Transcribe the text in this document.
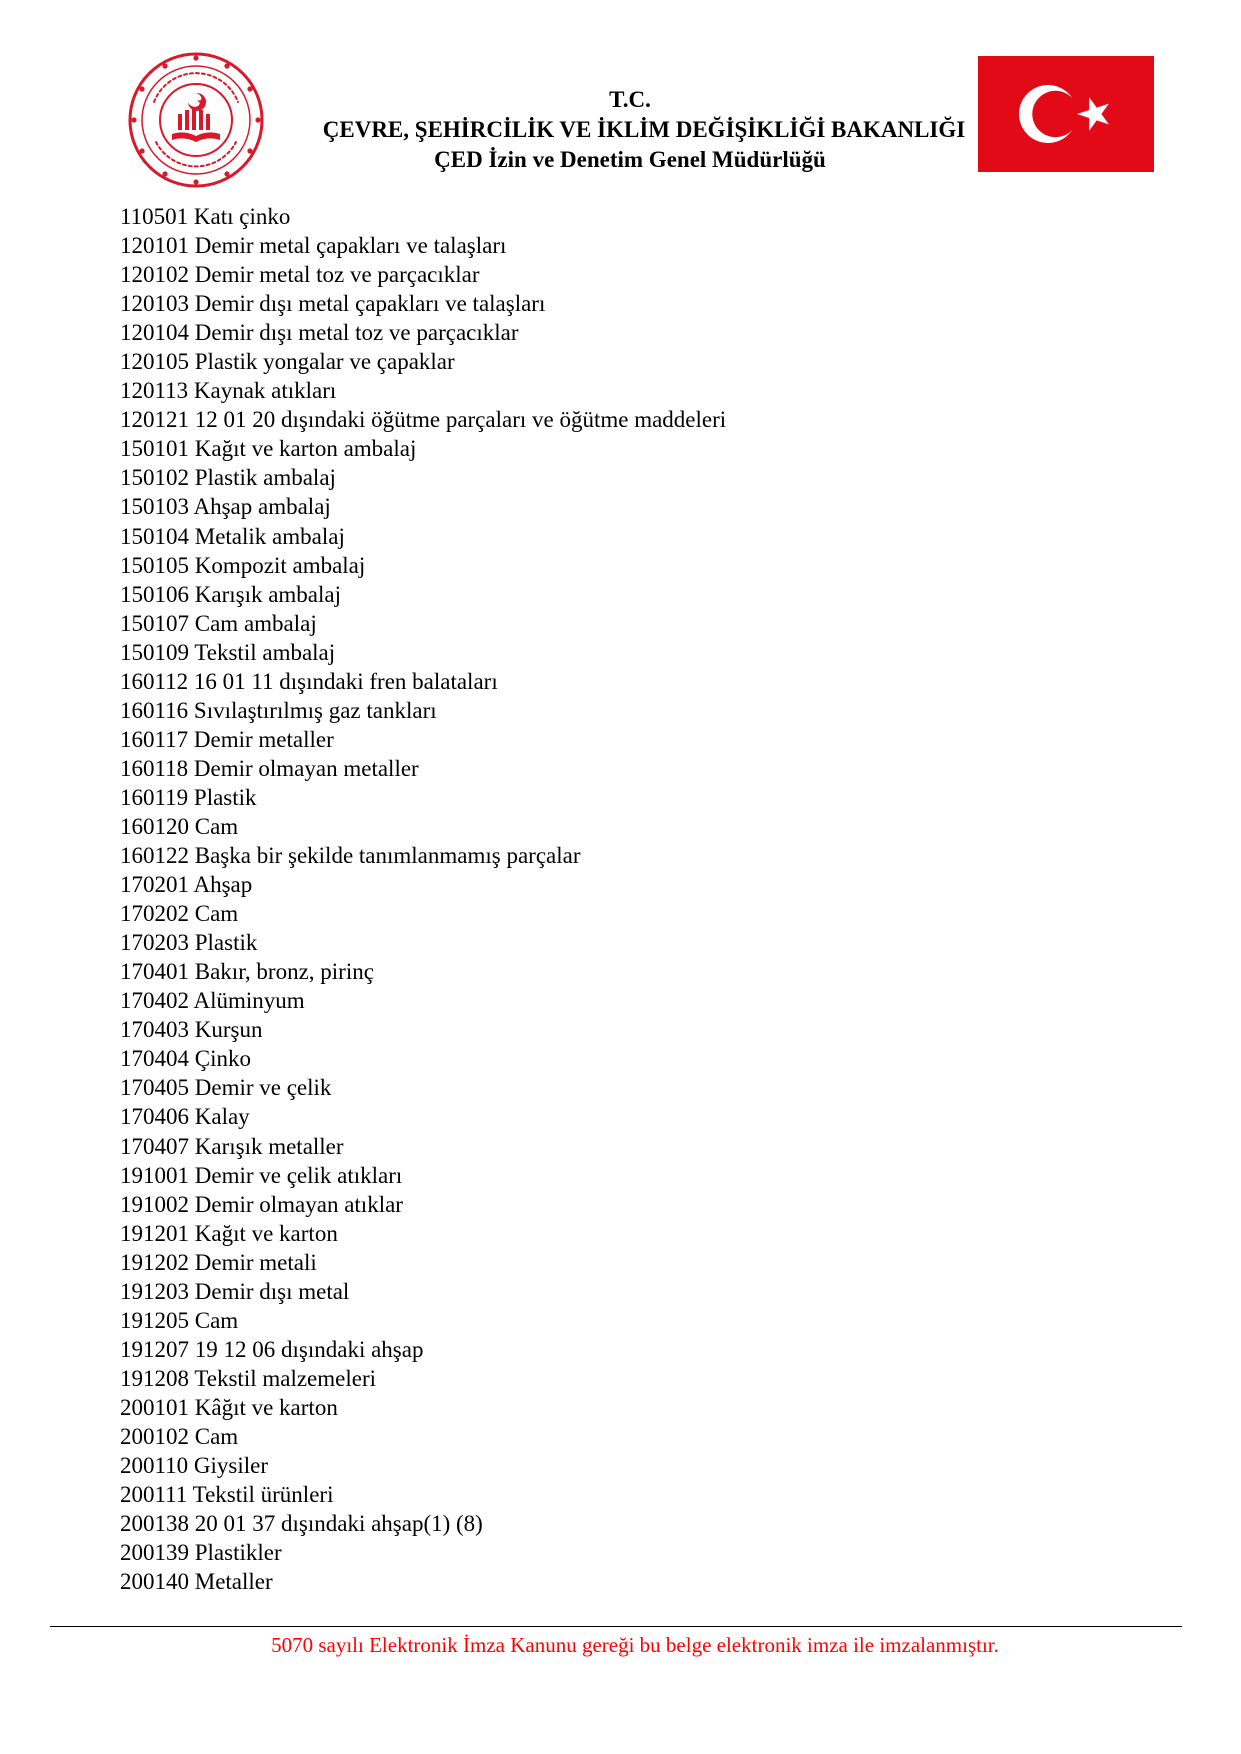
T.C.
ÇEVRE, ŞEHİRCİLİK VE İKLİM DEĞİŞİKLİĞİ BAKANLIĞI
ÇED İzin ve Denetim Genel Müdürlüğü
110501 Katı çinko
120101 Demir metal çapakları ve talaşları
120102 Demir metal toz ve parçacıklar
120103 Demir dışı metal çapakları ve talaşları
120104 Demir dışı metal toz ve parçacıklar
120105 Plastik yongalar ve çapaklar
120113 Kaynak atıkları
120121 12 01 20 dışındaki öğütme parçaları ve öğütme maddeleri
150101 Kağıt ve karton ambalaj
150102 Plastik ambalaj
150103 Ahşap ambalaj
150104 Metalik ambalaj
150105 Kompozit ambalaj
150106 Karışık ambalaj
150107 Cam ambalaj
150109 Tekstil ambalaj
160112 16 01 11 dışındaki fren balataları
160116 Sıvılaştırılmış gaz tankları
160117 Demir metaller
160118 Demir olmayan metaller
160119 Plastik
160120 Cam
160122 Başka bir şekilde tanımlanmamış parçalar
170201 Ahşap
170202 Cam
170203 Plastik
170401 Bakır, bronz, pirinç
170402 Alüminyum
170403 Kurşun
170404 Çinko
170405 Demir ve çelik
170406 Kalay
170407 Karışık metaller
191001 Demir ve çelik atıkları
191002 Demir olmayan atıklar
191201 Kağıt ve karton
191202 Demir metali
191203 Demir dışı metal
191205 Cam
191207 19 12 06 dışındaki ahşap
191208 Tekstil malzemeleri
200101 Kâğıt ve karton
200102 Cam
200110 Giysiler
200111 Tekstil ürünleri
200138 20 01 37 dışındaki ahşap(1) (8)
200139 Plastikler
200140 Metaller
5070 sayılı Elektronik İmza Kanunu gereği bu belge elektronik imza ile imzalanmıştır.
